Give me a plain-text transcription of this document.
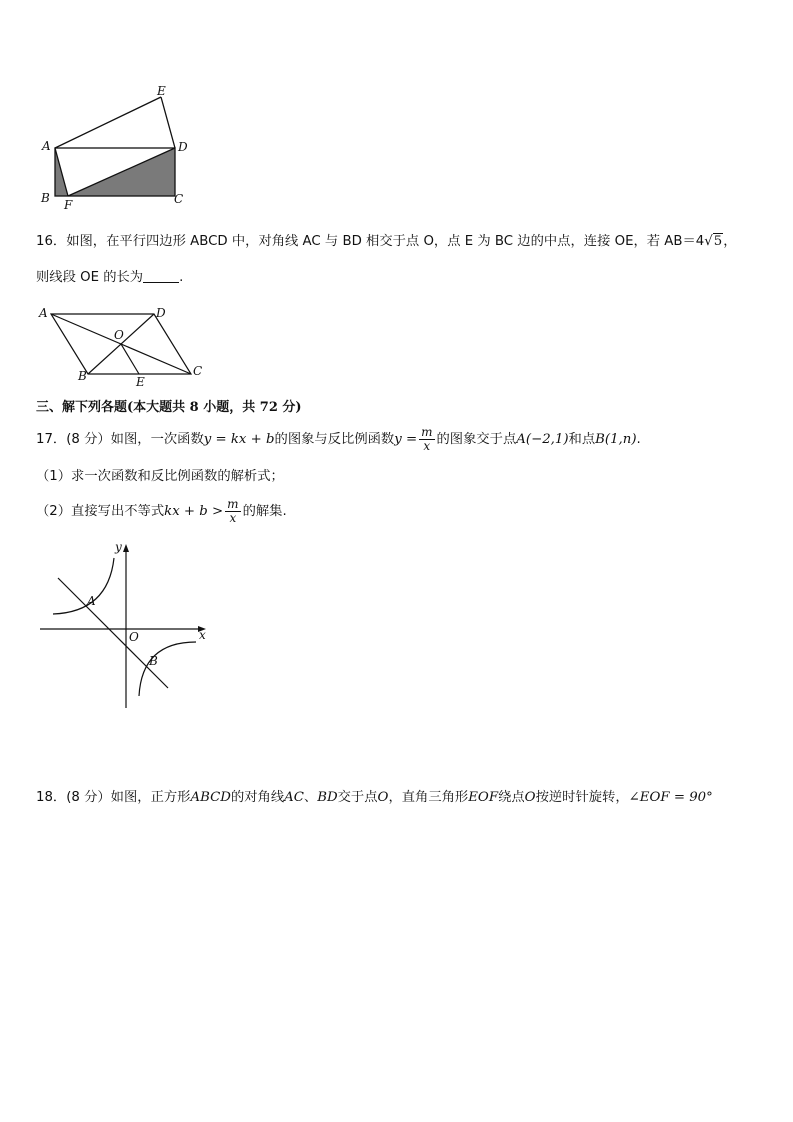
E
A	D
B F	C
16．如图，在平行四边形 ABCD 中，对角线 AC 与 BD 相交于点 O，点 E 为 BC 边的中点，连接 OE，若 AB＝4√5，
则线段 OE 的长为	.
A	D
O
B	E
C
三、解下列各题(本大题共 8 小题，共 72 分)
17．(8 分）如图，一次函数y = kx + b的图象与反比例函数$y = \frac{m}{x}$ 的图象交于点A(−2,1)和点B(1,n).
（1）求一次函数和反比例函数的解析式；
（2）直接写出不等式kx + $b > \frac{m}{x}$ 的解集.
y
x
O
A
B
18．(8 分）如图，正方形ABCD的对角线AC、BD交于点O，直角三角形EOF绕点O按逆时针旋转，∠EOF = 90°
